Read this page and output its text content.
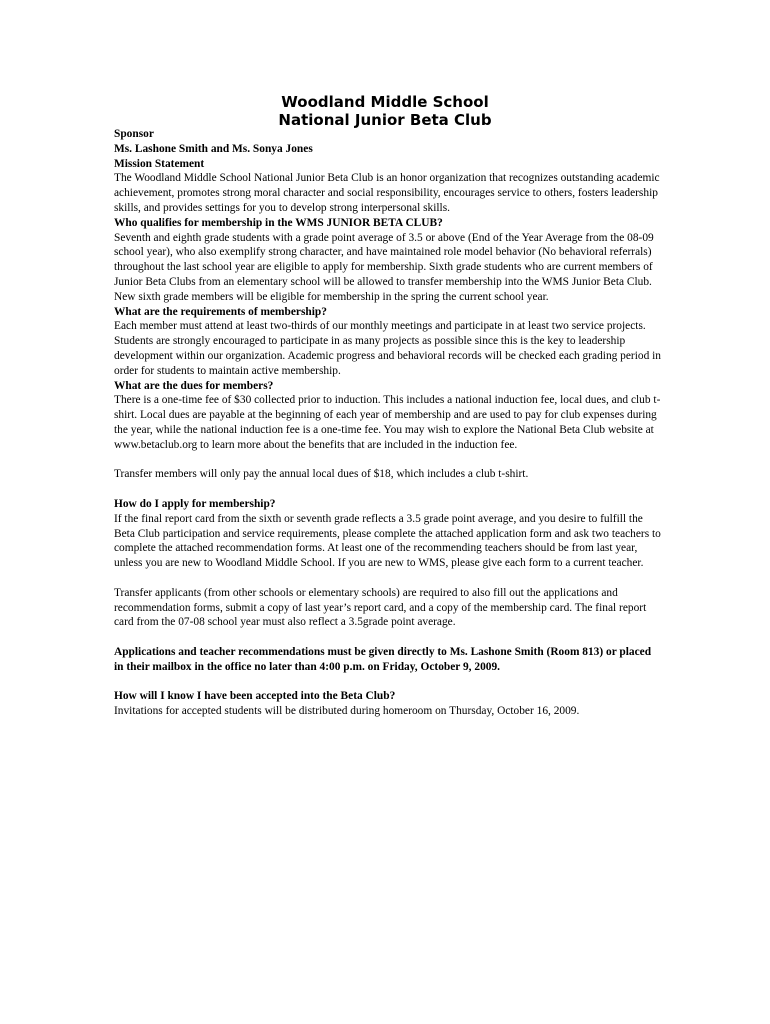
Woodland Middle School
National Junior Beta Club

Sponsor

Ms. Lashone Smith and Ms. Sonya Jones

Mission Statement

The Woodland Middle School National Junior Beta Club is an honor organization that recognizes outstanding academic achievement, promotes strong moral character and social responsibility, encourages service to others, fosters leadership skills, and provides settings for you to develop strong interpersonal skills.

Who qualifies for membership in the WMS JUNIOR BETA CLUB?

Seventh and eighth grade students with a grade point average of 3.5 or above (End of the Year Average from the 08-09 school year), who also exemplify strong character, and have maintained role model behavior (No behavioral referrals) throughout the last school year are eligible to apply for membership. Sixth grade students who are current members of Junior Beta Clubs from an elementary school will be allowed to transfer membership into the WMS Junior Beta Club. New sixth grade members will be eligible for membership in the spring the current school year.

What are the requirements of membership?

Each member must attend at least two-thirds of our monthly meetings and participate in at least two service projects. Students are strongly encouraged to participate in as many projects as possible since this is the key to leadership development within our organization. Academic progress and behavioral records will be checked each grading period in order for students to maintain active membership.

What are the dues for members?

There is a one-time fee of $30 collected prior to induction. This includes a national induction fee, local dues, and club t-shirt. Local dues are payable at the beginning of each year of membership and are used to pay for club expenses during the year, while the national induction fee is a one-time fee. You may wish to explore the National Beta Club website at www.betaclub.org to learn more about the benefits that are included in the induction fee.

Transfer members will only pay the annual local dues of $18, which includes a club t-shirt.

How do I apply for membership?

If the final report card from the sixth or seventh grade reflects a 3.5 grade point average, and you desire to fulfill the Beta Club participation and service requirements, please complete the attached application form and ask two teachers to complete the attached recommendation forms. At least one of the recommending teachers should be from last year, unless you are new to Woodland Middle School. If you are new to WMS, please give each form to a current teacher.

Transfer applicants (from other schools or elementary schools) are required to also fill out the applications and recommendation forms, submit a copy of last year’s report card, and a copy of the membership card. The final report card from the 07-08 school year must also reflect a 3.5grade point average.

Applications and teacher recommendations must be given directly to Ms. Lashone Smith (Room 813) or placed in their mailbox in the office no later than 4:00 p.m. on Friday, October 9, 2009.

How will I know I have been accepted into the Beta Club?

Invitations for accepted students will be distributed during homeroom on Thursday, October 16, 2009.
